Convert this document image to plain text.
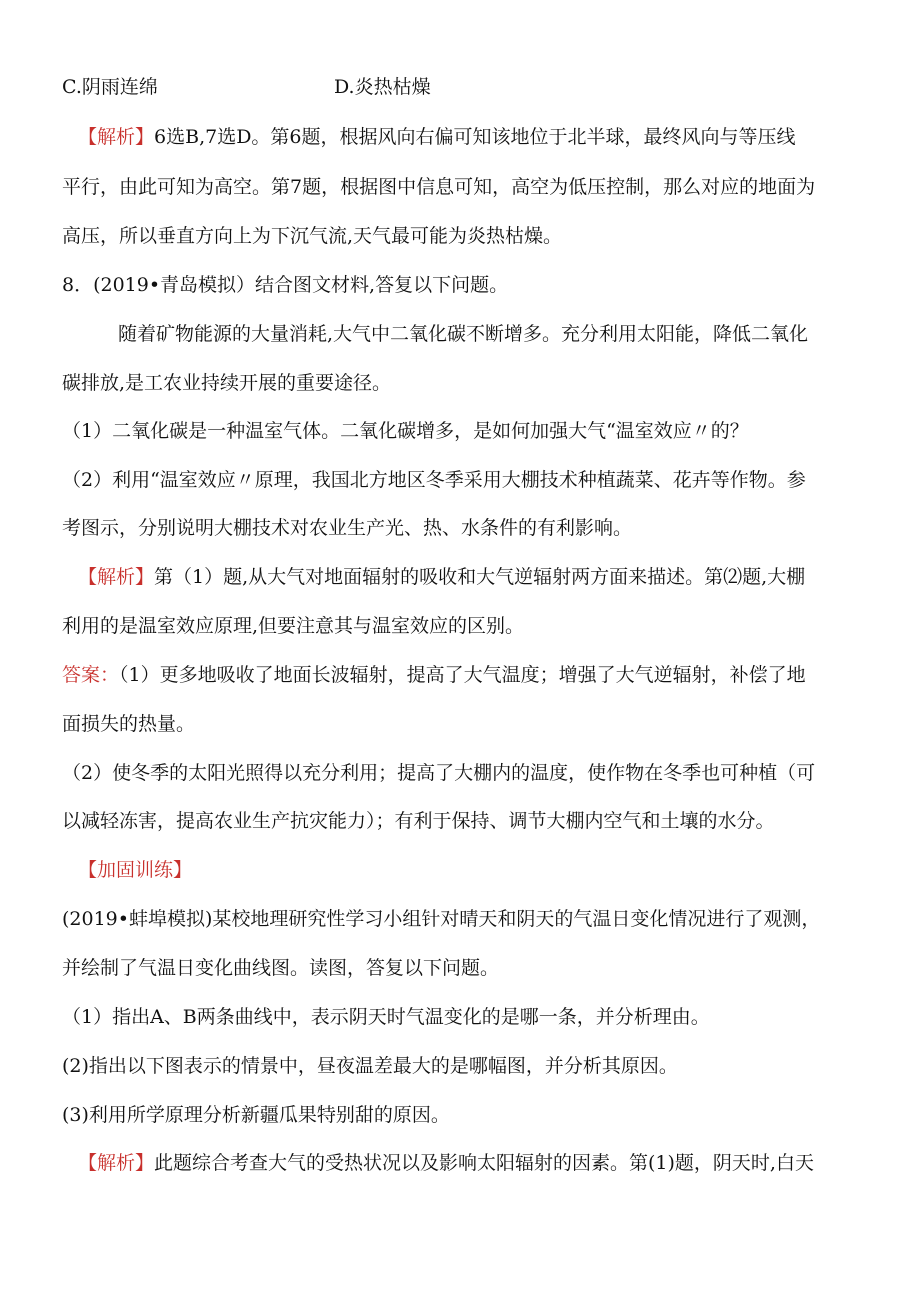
C.阴雨连绵	D.炎热枯燥
【解析】6选B,7选D。第6题，根据风向右偏可知该地位于北半球，最终风向与等压线
平行，由此可知为高空。第7题，根据图中信息可知，高空为低压控制，那么对应的地面为
高压，所以垂直方向上为下沉气流,天气最可能为炎热枯燥。
8．(2019•青岛模拟）结合图文材料,答复以下问题。
随着矿物能源的大量消耗,大气中二氧化碳不断增多。充分利用太阳能，降低二氧化
碳排放,是工农业持续开展的重要途径。
（1）二氧化碳是一种温室气体。二氧化碳增多，是如何加强大气“温室效应〃的？
（2）利用“温室效应〃原理，我国北方地区冬季采用大棚技术种植蔬菜、花卉等作物。参
考图示，分别说明大棚技术对农业生产光、热、水条件的有利影响。
【解析】第（1）题,从大气对地面辐射的吸收和大气逆辐射两方面来描述。第⑵题,大棚
利用的是温室效应原理,但要注意其与温室效应的区别。
答案：（1）更多地吸收了地面长波辐射，提高了大气温度；增强了大气逆辐射，补偿了地
面损失的热量。
（2）使冬季的太阳光照得以充分利用；提高了大棚内的温度，使作物在冬季也可种植（可
以减轻冻害，提高农业生产抗灾能力）；有利于保持、调节大棚内空气和土壤的水分。
【加固训练】
(2019•蚌埠模拟)某校地理研究性学习小组针对晴天和阴天的气温日变化情况进行了观测，
并绘制了气温日变化曲线图。读图，答复以下问题。
（1）指出A、B两条曲线中，表示阴天时气温变化的是哪一条，并分析理由。
(2)指出以下图表示的情景中，昼夜温差最大的是哪幅图，并分析其原因。
(3)利用所学原理分析新疆瓜果特别甜的原因。
【解析】此题综合考查大气的受热状况以及影响太阳辐射的因素。第(1)题，阴天时,白天
